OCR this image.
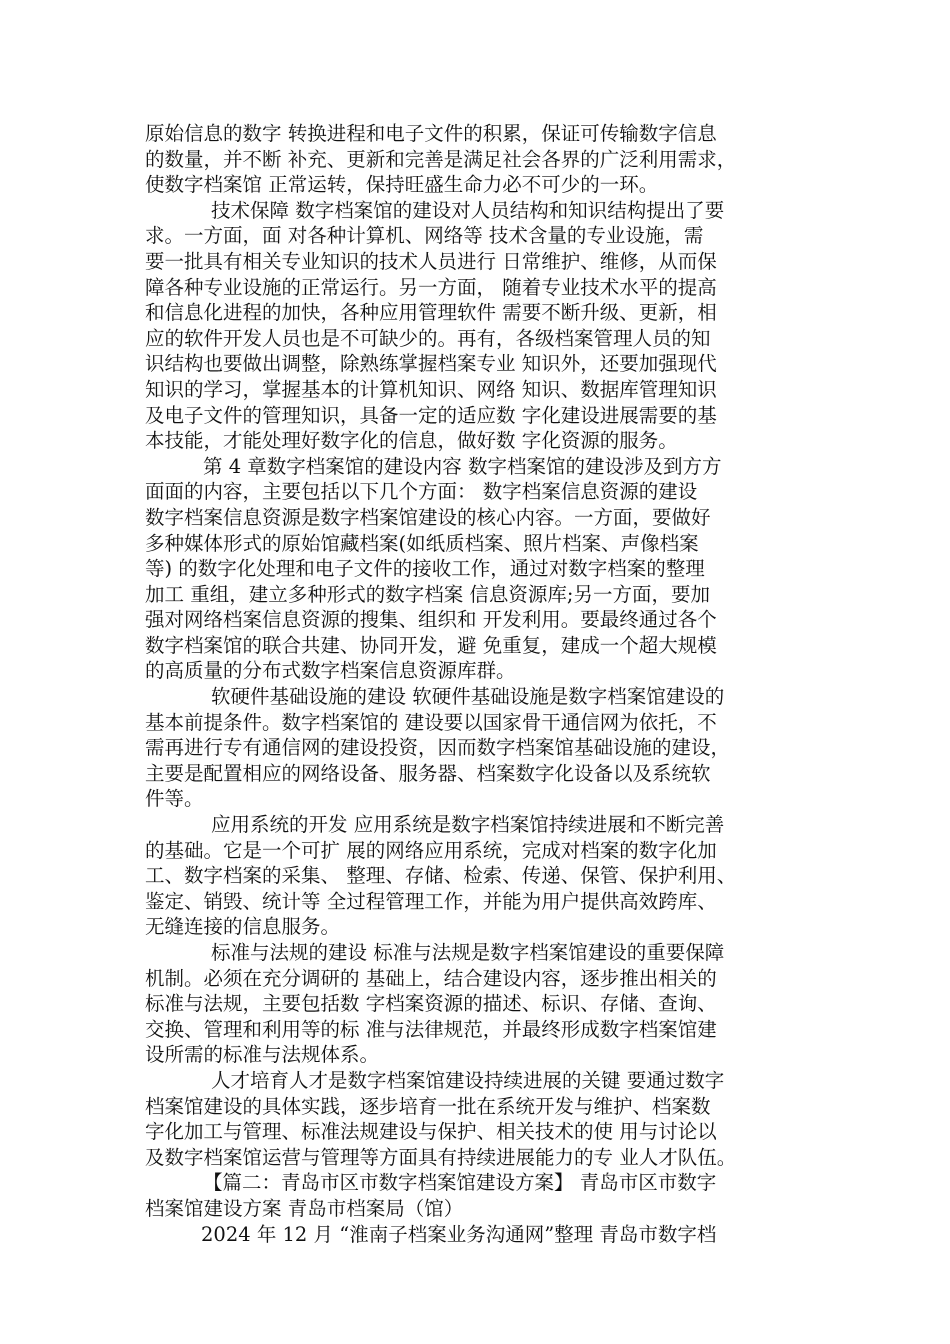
原始信息的数字 转换进程和电子文件的积累，保证可传输数字信息
的数量，并不断 补充、更新和完善是满足社会各界的广泛利用需求，
使数字档案馆 正常运转，保持旺盛生命力必不可少的一环。
技术保障 数字档案馆的建设对人员结构和知识结构提出了要
求。一方面，面 对各种计算机、网络等 技术含量的专业设施，需
要一批具有相关专业知识的技术人员进行 日常维护、维修，从而保
障各种专业设施的正常运行。另一方面， 随着专业技术水平的提高
和信息化进程的加快，各种应用管理软件 需要不断升级、更新，相
应的软件开发人员也是不可缺少的。再有，各级档案管理人员的知
识结构也要做出调整，除熟练掌握档案专业 知识外，还要加强现代
知识的学习，掌握基本的计算机知识、网络 知识、数据库管理知识
及电子文件的管理知识，具备一定的适应数 字化建设进展需要的基
本技能，才能处理好数字化的信息，做好数 字化资源的服务。
第 4 章数字档案馆的建设内容 数字档案馆的建设涉及到方方
面面的内容，主要包括以下几个方面： 数字档案信息资源的建设
数字档案信息资源是数字档案馆建设的核心内容。一方面，要做好
多种媒体形式的原始馆藏档案(如纸质档案、照片档案、声像档案
等) 的数字化处理和电子文件的接收工作，通过对数字档案的整理
加工 重组，建立多种形式的数字档案 信息资源库;另一方面，要加
强对网络档案信息资源的搜集、组织和 开发利用。要最终通过各个
数字档案馆的联合共建、协同开发，避 免重复，建成一个超大规模
的高质量的分布式数字档案信息资源库群。
软硬件基础设施的建设 软硬件基础设施是数字档案馆建设的
基本前提条件。数字档案馆的 建设要以国家骨干通信网为依托，不
需再进行专有通信网的建设投资，因而数字档案馆基础设施的建设，
主要是配置相应的网络设备、服务器、档案数字化设备以及系统软
件等。
应用系统的开发 应用系统是数字档案馆持续进展和不断完善
的基础。它是一个可扩 展的网络应用系统，完成对档案的数字化加
工、数字档案的采集、 整理、存储、检索、传递、保管、保护利用、
鉴定、销毁、统计等 全过程管理工作，并能为用户提供高效跨库、
无缝连接的信息服务。
标准与法规的建设 标准与法规是数字档案馆建设的重要保障
机制。必须在充分调研的 基础上，结合建设内容，逐步推出相关的
标准与法规，主要包括数 字档案资源的描述、标识、存储、查询、
交换、管理和利用等的标 准与法律规范，并最终形成数字档案馆建
设所需的标准与法规体系。
人才培育人才是数字档案馆建设持续进展的关键 要通过数字
档案馆建设的具体实践，逐步培育一批在系统开发与维护、档案数
字化加工与管理、标准法规建设与保护、相关技术的使 用与讨论以
及数字档案馆运营与管理等方面具有持续进展能力的专 业人才队伍。
【篇二：青岛市区市数字档案馆建设方案】 青岛市区市数字
档案馆建设方案 青岛市档案局（馆）
2024 年 12 月 “淮南子档案业务沟通网”整理 青岛市数字档
